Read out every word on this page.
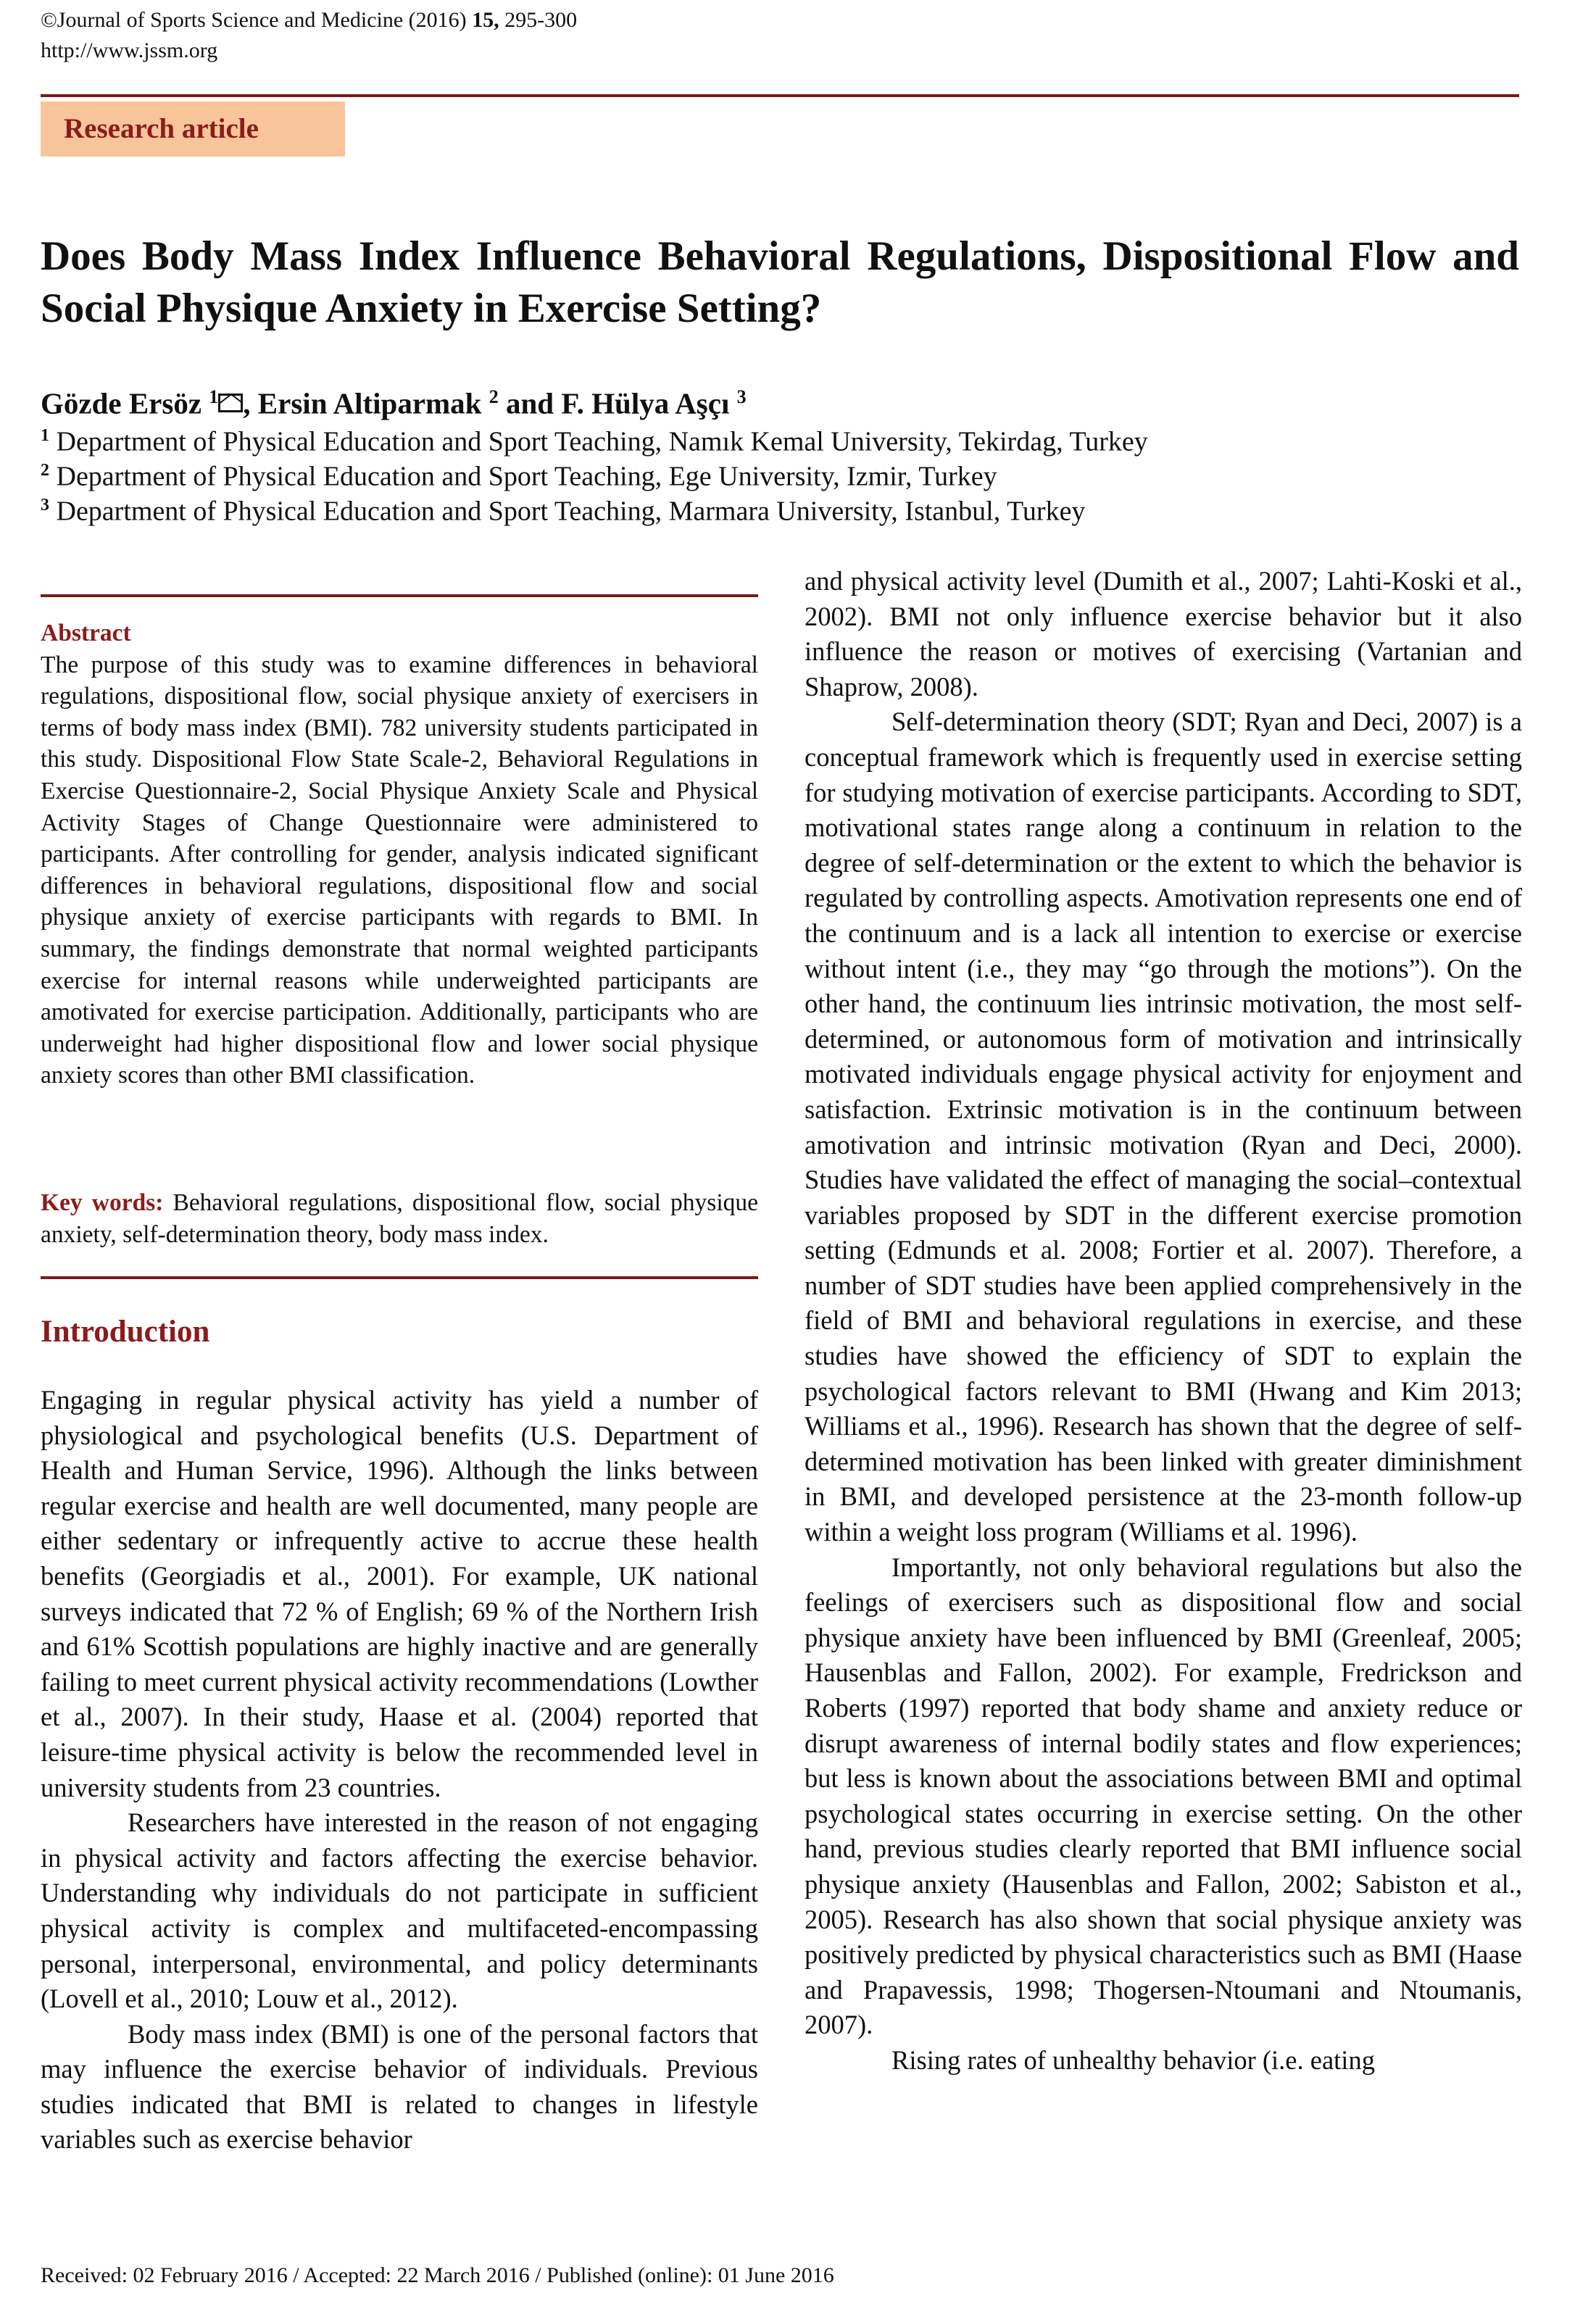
©Journal of Sports Science and Medicine (2016) 15, 295-300
http://www.jssm.org
Research article
Does Body Mass Index Influence Behavioral Regulations, Dispositional Flow and Social Physique Anxiety in Exercise Setting?
Gözde Ersöz $^1$ , Ersin Altiparmak $^2$ and F. Hülya Aşçı $^3$
$^1$ Department of Physical Education and Sport Teaching, Namık Kemal University, Tekirdag, Turkey
$^2$ Department of Physical Education and Sport Teaching, Ege University, Izmir, Turkey
$^3$ Department of Physical Education and Sport Teaching, Marmara University, Istanbul, Turkey
Abstract
The purpose of this study was to examine differences in behavioral regulations, dispositional flow, social physique anxiety of exercisers in terms of body mass index (BMI). 782 university students participated in this study. Dispositional Flow State Scale-2, Behavioral Regulations in Exercise Questionnaire-2, Social Physique Anxiety Scale and Physical Activity Stages of Change Questionnaire were administered to participants. After controlling for gender, analysis indicated significant differences in behavioral regulations, dispositional flow and social physique anxiety of exercise participants with regards to BMI. In summary, the findings demonstrate that normal weighted participants exercise for internal reasons while underweighted participants are amotivated for exercise participation. Additionally, participants who are underweight had higher dispositional flow and lower social physique anxiety scores than other BMI classification.
Key words: Behavioral regulations, dispositional flow, social physique anxiety, self-determination theory, body mass index.
Introduction

Engaging in regular physical activity has yield a number of physiological and psychological benefits (U.S. Department of Health and Human Service, 1996). Although the links between regular exercise and health are well documented, many people are either sedentary or infrequently active to accrue these health benefits (Georgiadis et al., 2001). For example, UK national surveys indicated that 72 % of English; 69 % of the Northern Irish and 61% Scottish populations are highly inactive and are generally failing to meet current physical activity recommendations (Lowther et al., 2007). In their study, Haase et al. (2004) reported that leisure-time physical activity is below the recommended level in university students from 23 countries.

Researchers have interested in the reason of not engaging in physical activity and factors affecting the exercise behavior. Understanding why individuals do not participate in sufficient physical activity is complex and multifaceted-encompassing personal, interpersonal, environmental, and policy determinants (Lovell et al., 2010; Louw et al., 2012).

Body mass index (BMI) is one of the personal factors that may influence the exercise behavior of individuals. Previous studies indicated that BMI is related to changes in lifestyle variables such as exercise behavior

and physical activity level (Dumith et al., 2007; Lahti-Koski et al., 2002). BMI not only influence exercise behavior but it also influence the reason or motives of exercising (Vartanian and Shaprow, 2008).

Self-determination theory (SDT; Ryan and Deci, 2007) is a conceptual framework which is frequently used in exercise setting for studying motivation of exercise participants. According to SDT, motivational states range along a continuum in relation to the degree of self-determination or the extent to which the behavior is regulated by controlling aspects. Amotivation represents one end of the continuum and is a lack all intention to exercise or exercise without intent (i.e., they may “go through the motions”). On the other hand, the continuum lies intrinsic motivation, the most self-determined, or autonomous form of motivation and intrinsically motivated individuals engage physical activity for enjoyment and satisfaction. Extrinsic motivation is in the continuum between amotivation and intrinsic motivation (Ryan and Deci, 2000). Studies have validated the effect of managing the social–contextual variables proposed by SDT in the different exercise promotion setting (Edmunds et al. 2008; Fortier et al. 2007). Therefore, a number of SDT studies have been applied comprehensively in the field of BMI and behavioral regulations in exercise, and these studies have showed the efficiency of SDT to explain the psychological factors relevant to BMI (Hwang and Kim 2013; Williams et al., 1996). Research has shown that the degree of self-determined motivation has been linked with greater diminishment in BMI, and developed persistence at the 23-month follow-up within a weight loss program (Williams et al. 1996).

Importantly, not only behavioral regulations but also the feelings of exercisers such as dispositional flow and social physique anxiety have been influenced by BMI (Greenleaf, 2005; Hausenblas and Fallon, 2002). For example, Fredrickson and Roberts (1997) reported that body shame and anxiety reduce or disrupt awareness of internal bodily states and flow experiences; but less is known about the associations between BMI and optimal psychological states occurring in exercise setting. On the other hand, previous studies clearly reported that BMI influence social physique anxiety (Hausenblas and Fallon, 2002; Sabiston et al., 2005). Research has also shown that social physique anxiety was positively predicted by physical characteristics such as BMI (Haase and Prapavessis, 1998; Thogersen-Ntoumani and Ntoumanis, 2007).

Rising rates of unhealthy behavior (i.e. eating

Received: 02 February 2016 / Accepted: 22 March 2016 / Published (online): 01 June 2016
